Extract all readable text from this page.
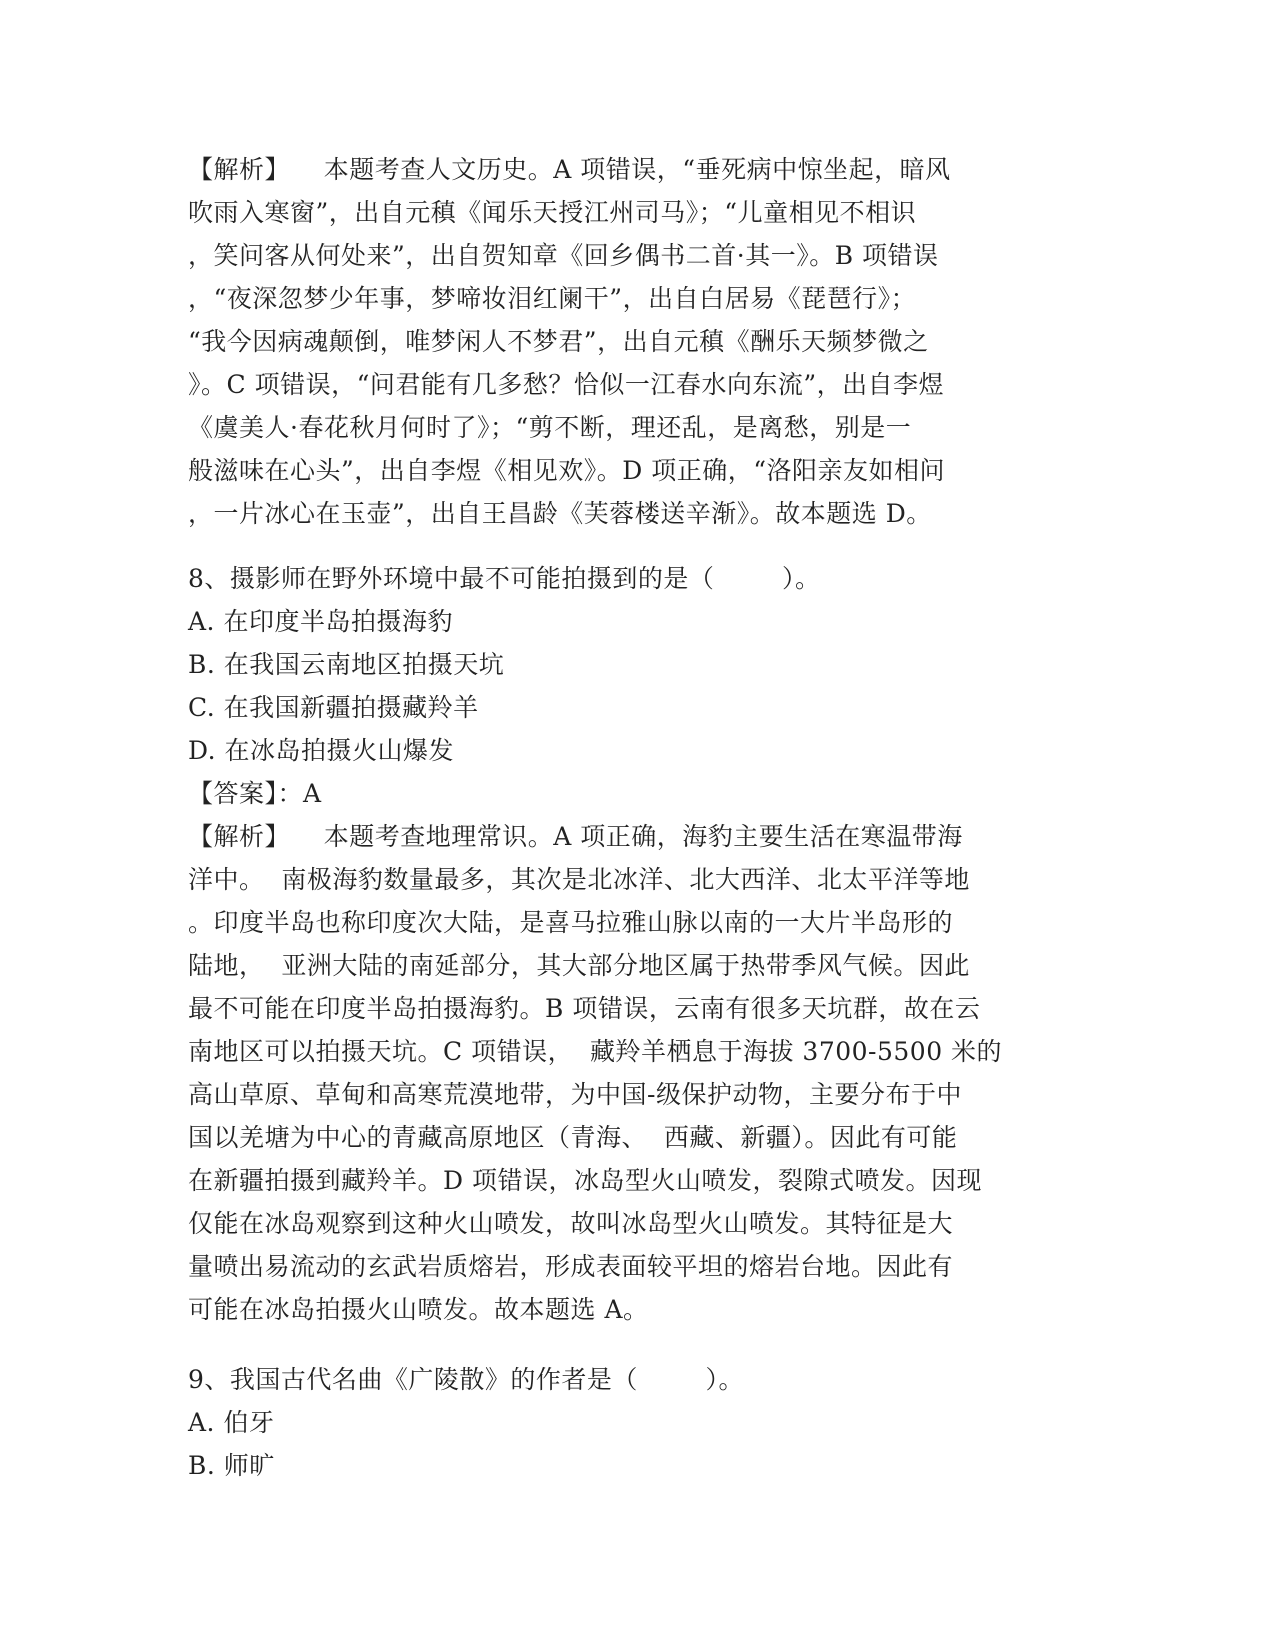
【解析】    本题考查人文历史。A 项错误，“垂死病中惊坐起，暗风
吹雨入寒窗”，出自元稹《闻乐天授江州司马》；“儿童相见不相识
，笑问客从何处来”，出自贺知章《回乡偶书二首·其一》。B 项错误
，“夜深忽梦少年事，梦啼妆泪红阑干”，出自白居易《琵琶行》；
“我今因病魂颠倒，唯梦闲人不梦君”，出自元稹《酬乐天频梦微之
》。C 项错误，“问君能有几多愁？恰似一江春水向东流”，出自李煜
《虞美人·春花秋月何时了》；“剪不断，理还乱，是离愁，别是一
般滋味在心头”，出自李煜《相见欢》。D 项正确，“洛阳亲友如相问
，一片冰心在玉壶”，出自王昌龄《芙蓉楼送辛渐》。故本题选 D。
8、摄影师在野外环境中最不可能拍摄到的是（        ）。
A. 在印度半岛拍摄海豹
B. 在我国云南地区拍摄天坑
C. 在我国新疆拍摄藏羚羊
D. 在冰岛拍摄火山爆发
【答案】：A
【解析】    本题考查地理常识。A 项正确，海豹主要生活在寒温带海
洋中。  南极海豹数量最多，其次是北冰洋、北大西洋、北太平洋等地
。印度半岛也称印度次大陆，是喜马拉雅山脉以南的一大片半岛形的
陆地，  亚洲大陆的南延部分，其大部分地区属于热带季风气候。因此
最不可能在印度半岛拍摄海豹。B 项错误，云南有很多天坑群，故在云
南地区可以拍摄天坑。C 项错误，  藏羚羊栖息于海拔 3700-5500 米的
高山草原、草甸和高寒荒漠地带，为中国-级保护动物，主要分布于中
国以羌塘为中心的青藏高原地区（青海、  西藏、新疆）。因此有可能
在新疆拍摄到藏羚羊。D 项错误，冰岛型火山喷发，裂隙式喷发。因现
仅能在冰岛观察到这种火山喷发，故叫冰岛型火山喷发。其特征是大
量喷出易流动的玄武岩质熔岩，形成表面较平坦的熔岩台地。因此有
可能在冰岛拍摄火山喷发。故本题选 A。
9、我国古代名曲《广陵散》的作者是（        ）。
A. 伯牙
B. 师旷
